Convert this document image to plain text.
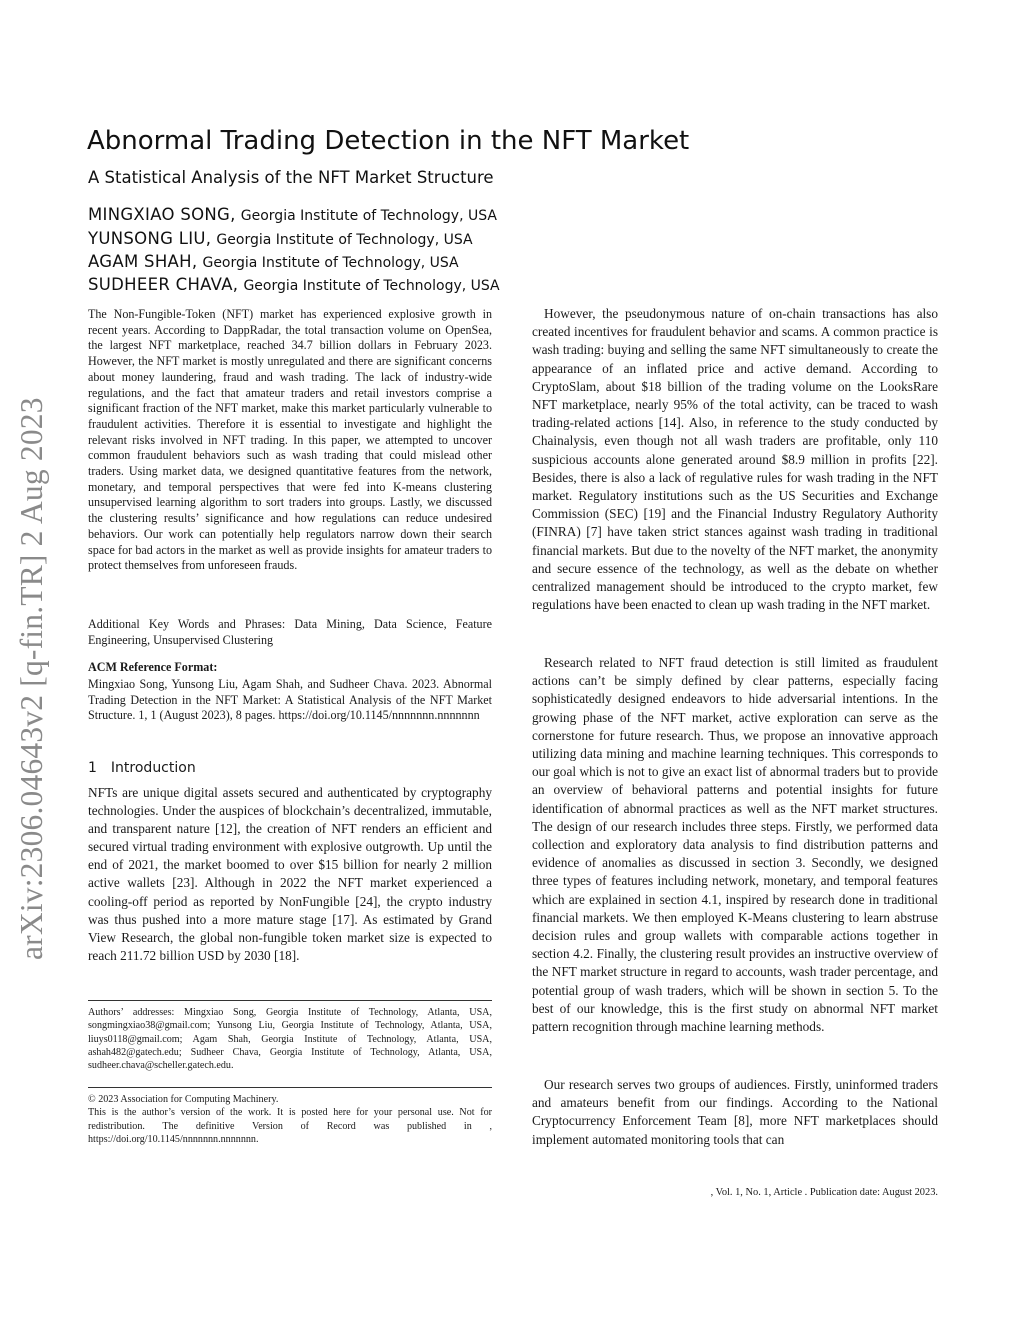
arXiv:2306.04643v2 [q-fin.TR] 2 Aug 2023
Abnormal Trading Detection in the NFT Market
A Statistical Analysis of the NFT Market Structure
MINGXIAO SONG, Georgia Institute of Technology, USA
YUNSONG LIU, Georgia Institute of Technology, USA
AGAM SHAH, Georgia Institute of Technology, USA
SUDHEER CHAVA, Georgia Institute of Technology, USA

The Non-Fungible-Token (NFT) market has experienced explosive growth in recent years. According to DappRadar, the total transaction volume on OpenSea, the largest NFT marketplace, reached 34.7 billion dollars in February 2023. However, the NFT market is mostly unregulated and there are significant concerns about money laundering, fraud and wash trading. The lack of industry-wide regulations, and the fact that amateur traders and retail investors comprise a significant fraction of the NFT market, make this market particularly vulnerable to fraudulent activities. Therefore it is essential to investigate and highlight the relevant risks involved in NFT trading. In this paper, we attempted to uncover common fraudulent behaviors such as wash trading that could mislead other traders. Using market data, we designed quantitative features from the network, monetary, and temporal perspectives that were fed into K-means clustering unsupervised learning algorithm to sort traders into groups. Lastly, we discussed the clustering results’ significance and how regulations can reduce undesired behaviors. Our work can potentially help regulators narrow down their search space for bad actors in the market as well as provide insights for amateur traders to protect themselves from unforeseen frauds.

Additional Key Words and Phrases: Data Mining, Data Science, Feature Engineering, Unsupervised Clustering

ACM Reference Format:

Mingxiao Song, Yunsong Liu, Agam Shah, and Sudheer Chava. 2023. Abnormal Trading Detection in the NFT Market: A Statistical Analysis of the NFT Market Structure. 1, 1 (August 2023), 8 pages. https://doi.org/10.1145/nnnnnnn.nnnnnnn

1 Introduction

NFTs are unique digital assets secured and authenticated by cryptography technologies. Under the auspices of blockchain’s decentralized, immutable, and transparent nature [12], the creation of NFT renders an efficient and secured virtual trading environment with explosive outgrowth. Up until the end of 2021, the market boomed to over $15 billion for nearly 2 million active wallets [23]. Although in 2022 the NFT market experienced a cooling-off period as reported by NonFungible [24], the crypto industry was thus pushed into a more mature stage [17]. As estimated by Grand View Research, the global non-fungible token market size is expected to reach 211.72 billion USD by 2030 [18].

Authors’ addresses: Mingxiao Song, Georgia Institute of Technology, Atlanta, USA, songmingxiao38@gmail.com; Yunsong Liu, Georgia Institute of Technology, Atlanta, USA, liuys0118@gmail.com; Agam Shah, Georgia Institute of Technology, Atlanta, USA, ashah482@gatech.edu; Sudheer Chava, Georgia Institute of Technology, Atlanta, USA, sudheer.chava@scheller.gatech.edu.

© 2023 Association for Computing Machinery.
This is the author’s version of the work. It is posted here for your personal use. Not for redistribution. The definitive Version of Record was published in , https://doi.org/10.1145/nnnnnnn.nnnnnnn.

However, the pseudonymous nature of on-chain transactions has also created incentives for fraudulent behavior and scams. A common practice is wash trading: buying and selling the same NFT simultaneously to create the appearance of an inflated price and active demand. According to CryptoSlam, about $18 billion of the trading volume on the LooksRare NFT marketplace, nearly 95% of the total activity, can be traced to wash trading-related actions [14]. Also, in reference to the study conducted by Chainalysis, even though not all wash traders are profitable, only 110 suspicious accounts alone generated around $8.9 million in profits [22]. Besides, there is also a lack of regulative rules for wash trading in the NFT market. Regulatory institutions such as the US Securities and Exchange Commission (SEC) [19] and the Financial Industry Regulatory Authority (FINRA) [7] have taken strict stances against wash trading in traditional financial markets. But due to the novelty of the NFT market, the anonymity and secure essence of the technology, as well as the debate on whether centralized management should be introduced to the crypto market, few regulations have been enacted to clean up wash trading in the NFT market.

Research related to NFT fraud detection is still limited as fraudulent actions can’t be simply defined by clear patterns, especially facing sophisticatedly designed endeavors to hide adversarial intentions. In the growing phase of the NFT market, active exploration can serve as the cornerstone for future research. Thus, we propose an innovative approach utilizing data mining and machine learning techniques. This corresponds to our goal which is not to give an exact list of abnormal traders but to provide an overview of behavioral patterns and potential insights for future identification of abnormal practices as well as the NFT market structures. The design of our research includes three steps. Firstly, we performed data collection and exploratory data analysis to find distribution patterns and evidence of anomalies as discussed in section 3. Secondly, we designed three types of features including network, monetary, and temporal features which are explained in section 4.1, inspired by research done in traditional financial markets. We then employed K-Means clustering to learn abstruse decision rules and group wallets with comparable actions together in section 4.2. Finally, the clustering result provides an instructive overview of the NFT market structure in regard to accounts, wash trader percentage, and potential group of wash traders, which will be shown in section 5. To the best of our knowledge, this is the first study on abnormal NFT market pattern recognition through machine learning methods.

Our research serves two groups of audiences. Firstly, uninformed traders and amateurs benefit from our findings. According to the National Cryptocurrency Enforcement Team [8], more NFT marketplaces should implement automated monitoring tools that can

, Vol. 1, No. 1, Article . Publication date: August 2023.
